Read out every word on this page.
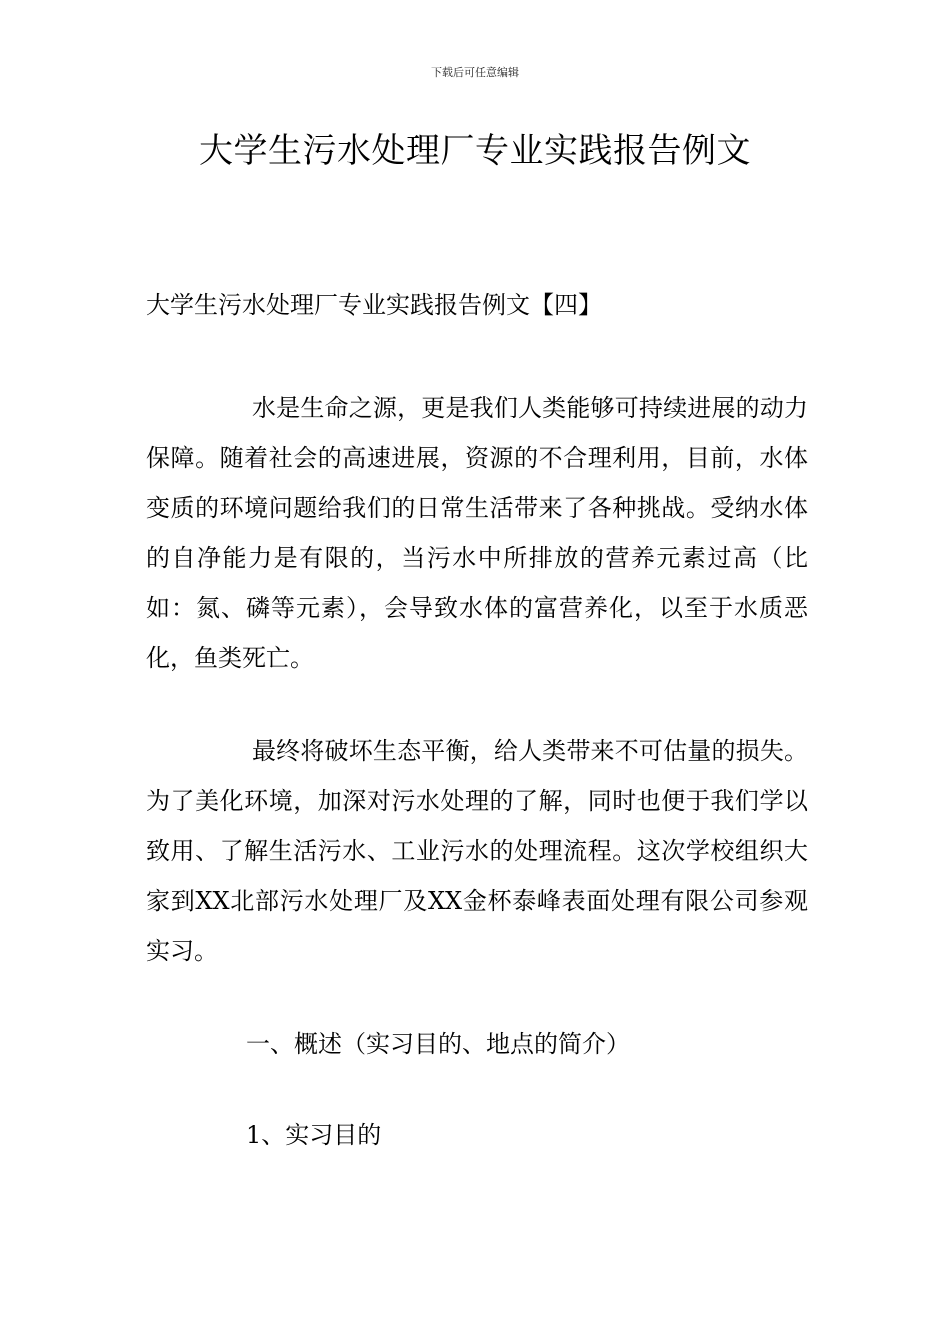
下载后可任意编辑
大学生污水处理厂专业实践报告例文

大学生污水处理厂专业实践报告例文【四】

水是生命之源，更是我们人类能够可持续进展的动力保障。随着社会的高速进展，资源的不合理利用，目前，水体变质的环境问题给我们的日常生活带来了各种挑战。受纳水体的自净能力是有限的，当污水中所排放的营养元素过高（比如：氮、磷等元素），会导致水体的富营养化，以至于水质恶化，鱼类死亡。

最终将破坏生态平衡，给人类带来不可估量的损失。为了美化环境，加深对污水处理的了解，同时也便于我们学以致用、了解生活污水、工业污水的处理流程。这次学校组织大家到XX北部污水处理厂及XX金杯泰峰表面处理有限公司参观实习。

一、概述（实习目的、地点的简介）

1、实习目的
